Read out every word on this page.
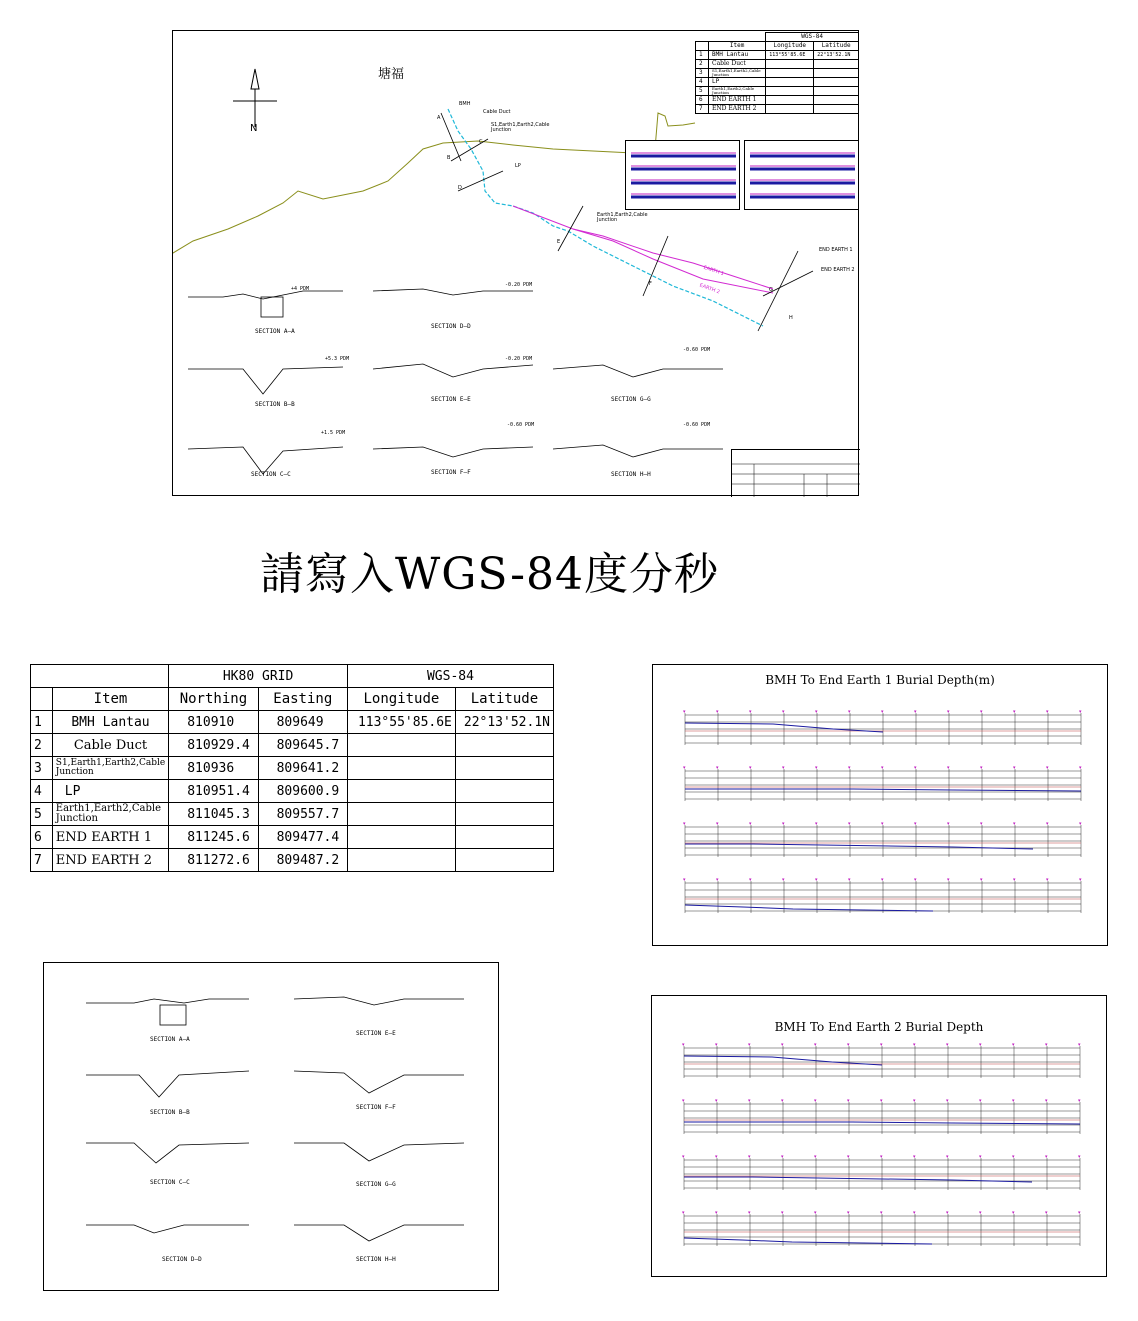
塘福
N
BMH
Cable Duct
S1,Earth1,Earth2,Cable Junction
LP
Earth1,Earth2,Cable Junction
END EARTH 1
END EARTH 2
EARTH 1
EARTH 2
A
B
C
D
E
F
G
H
		WGS-84	
	Item	Longitude	Latitude
1	BMH Lantau	113°55'85.6E	22°13'52.1N
2	Cable Duct		
3	S1,Earth1,Earth2,Cable Junction		
4	LP		
5	Earth1,Earth2,Cable Junction		
6	END EARTH 1		
7	END EARTH 2		
SECTION A—A
+4 PDM
SECTION D—D
-0.20 PDM
SECTION B—B
+5.3 PDM
SECTION E—E
-0.20 PDM
SECTION G—G
-0.60 PDM
SECTION C—C
+1.5 PDM
SECTION F—F
-0.60 PDM
SECTION H—H
-0.60 PDM
請寫入WGS-84度分秒
		HK80 GRID		WGS-84	
	Item	Northing	Easting	Longitude	Latitude
1	BMH Lantau	810910	809649	113°55'85.6E	22°13'52.1N
2	Cable Duct	810929.4	809645.7		
3	S1,Earth1,Earth2,Cable Junction	810936	809641.2		
4	LP	810951.4	809600.9		
5	Earth1,Earth2,Cable Junction	811045.3	809557.7		
6	END EARTH 1	811245.6	809477.4		
7	END EARTH 2	811272.6	809487.2		
BMH To End Earth 1 Burial Depth(m)
▾	▾	▾	▾	▾	▾	▾	▾	▾	▾	▾	▾	▾
▾	▾	▾	▾	▾	▾	▾	▾	▾	▾	▾	▾	▾
▾	▾	▾	▾	▾	▾	▾	▾	▾	▾	▾	▾	▾
▾	▾	▾	▾	▾	▾	▾	▾	▾	▾	▾	▾	▾
BMH To End Earth 2 Burial Depth
▾	▾	▾	▾	▾	▾	▾	▾	▾	▾	▾	▾	▾
▾	▾	▾	▾	▾	▾	▾	▾	▾	▾	▾	▾	▾
▾	▾	▾	▾	▾	▾	▾	▾	▾	▾	▾	▾	▾
▾	▾	▾	▾	▾	▾	▾	▾	▾	▾	▾	▾	▾
SECTION A—A
SECTION E—E
SECTION B—B
SECTION F—F
SECTION C—C	SECTION G—G
SECTION D—D	SECTION H—H
